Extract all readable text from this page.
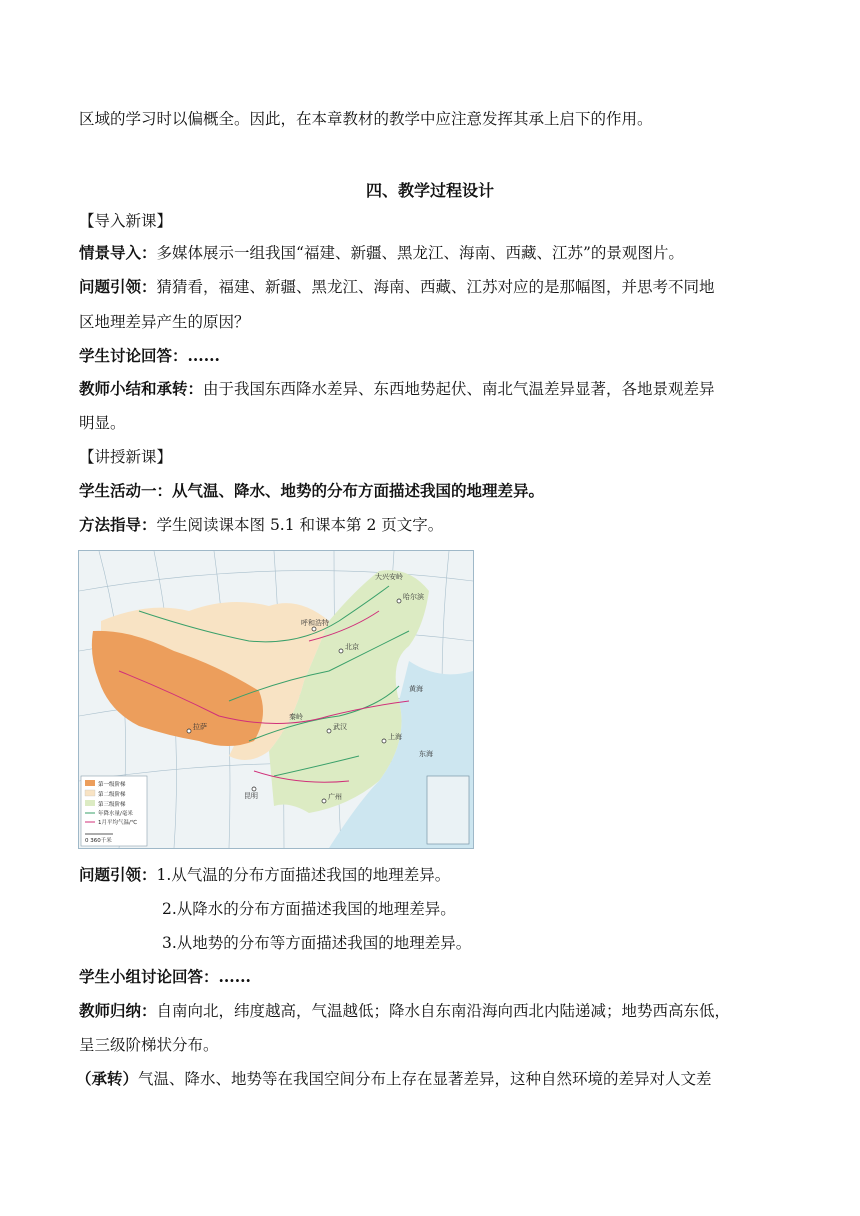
区域的学习时以偏概全。因此，在本章教材的教学中应注意发挥其承上启下的作用。
四、教学过程设计
【导入新课】
情景导入：多媒体展示一组我国“福建、新疆、黑龙江、海南、西藏、江苏”的景观图片。
问题引领：猜猜看，福建、新疆、黑龙江、海南、西藏、江苏对应的是那幅图，并思考不同地
区地理差异产生的原因？
学生讨论回答：......
教师小结和承转：由于我国东西降水差异、东西地势起伏、南北气温差异显著，各地景观差异
明显。
【讲授新课】
学生活动一：从气温、降水、地势的分布方面描述我国的地理差异。
方法指导：学生阅读课本图 5.1 和课本第 2 页文字。
北京
上海
武汉
呼和浩特
哈尔滨
拉萨
昆明	广州
秦岭
黄海
东海
大兴安岭
第一级阶梯
第二级阶梯
第三级阶梯
年降水量/毫米
1月平均气温/℃
0 360千米
问题引领：1.从气温的分布方面描述我国的地理差异。
2.从降水的分布方面描述我国的地理差异。
3.从地势的分布等方面描述我国的地理差异。
学生小组讨论回答：......
教师归纳：自南向北，纬度越高，气温越低；降水自东南沿海向西北内陆递减；地势西高东低，
呈三级阶梯状分布。
（承转）气温、降水、地势等在我国空间分布上存在显著差异，这种自然环境的差异对人文差
